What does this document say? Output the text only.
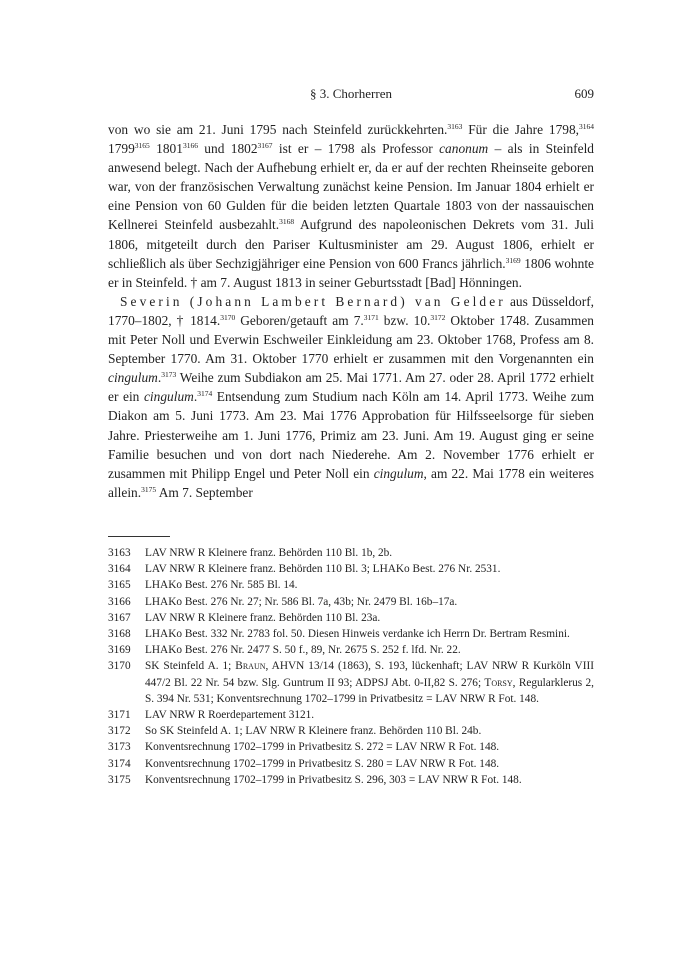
§ 3. Chorherren	609

von wo sie am 21. Juni 1795 nach Steinfeld zurückkehrten.$^{3163}$ Für die Jahre 1798,$^{3164}$ $1799^{3165}$ $1801^{3166}$ und $1802^{3167}$ ist er – 1798 als Professor canonum – als in Steinfeld anwesend belegt. Nach der Aufhebung erhielt er, da er auf der rechten Rheinseite geboren war, von der französischen Verwaltung zunächst keine Pension. Im Januar 1804 erhielt er eine Pension von 60 Gulden für die beiden letzten Quartale 1803 von der nassauischen Kellnerei Steinfeld ausbezahlt.$^{3168}$ Aufgrund des napoleonischen Dekrets vom 31. Juli 1806, mitgeteilt durch den Pariser Kultusminister am 29. August 1806, erhielt er schließlich als über Sechzigjähriger eine Pension von 600 Francs jährlich.$^{3169}$ 1806 wohnte er in Steinfeld. † am 7. August 1813 in seiner Geburtsstadt [Bad] Hönningen.

Severin (Johann Lambert Bernard) van Gelder aus Düsseldorf, 1770–1802, † 1814.$^{3170}$ Geboren/getauft am 7.$^{3171}$ bzw. 10.$^{3172}$ Oktober 1748. Zusammen mit Peter Noll und Everwin Eschweiler Einkleidung am 23. Oktober 1768, Profess am 8. September 1770. Am 31. Oktober 1770 erhielt er zusammen mit den Vorgenannten ein cingulum.$^{3173}$ Weihe zum Subdiakon am 25. Mai 1771. Am 27. oder 28. April 1772 erhielt er ein cingulum.$^{3174}$ Entsendung zum Studium nach Köln am 14. April 1773. Weihe zum Diakon am 5. Juni 1773. Am 23. Mai 1776 Approbation für Hilfsseelsorge für sieben Jahre. Priesterweihe am 1. Juni 1776, Primiz am 23. Juni. Am 19. August ging er seine Familie besuchen und von dort nach Niederehe. Am 2. November 1776 erhielt er zusammen mit Philipp Engel und Peter Noll ein cingulum, am 22. Mai 1778 ein weiteres allein.$^{3175}$ Am 7. September

3163	LAV NRW R Kleinere franz. Behörden 110 Bl. 1b, 2b.
3164	LAV NRW R Kleinere franz. Behörden 110 Bl. 3; LHAKo Best. 276 Nr. 2531.
3165	LHAKo Best. 276 Nr. 585 Bl. 14.
3166	LHAKo Best. 276 Nr. 27; Nr. 586 Bl. 7a, 43b; Nr. 2479 Bl. 16b–17a.
3167	LAV NRW R Kleinere franz. Behörden 110 Bl. 23a.
3168	LHAKo Best. 332 Nr. 2783 fol. 50. Diesen Hinweis verdanke ich Herrn Dr. Bertram Resmini.
3169	LHAKo Best. 276 Nr. 2477 S. 50 f., 89, Nr. 2675 S. 252 f. lfd. Nr. 22.
3170	SK Steinfeld A. 1; Braun, AHVN 13/14 (1863), S. 193, lückenhaft; LAV NRW R Kurköln VIII 447/2 Bl. 22 Nr. 54 bzw. Slg. Guntrum II 93; ADPSJ Abt. 0-II,82 S. 276; Torsy, Regularklerus 2, S. 394 Nr. 531; Konventsrechnung 1702–1799 in Privatbesitz = LAV NRW R Fot. 148.
3171	LAV NRW R Roerdepartement 3121.
3172	So SK Steinfeld A. 1; LAV NRW R Kleinere franz. Behörden 110 Bl. 24b.
3173	Konventsrechnung 1702–1799 in Privatbesitz S. 272 = LAV NRW R Fot. 148.
3174	Konventsrechnung 1702–1799 in Privatbesitz S. 280 = LAV NRW R Fot. 148.
3175	Konventsrechnung 1702–1799 in Privatbesitz S. 296, 303 = LAV NRW R Fot. 148.
